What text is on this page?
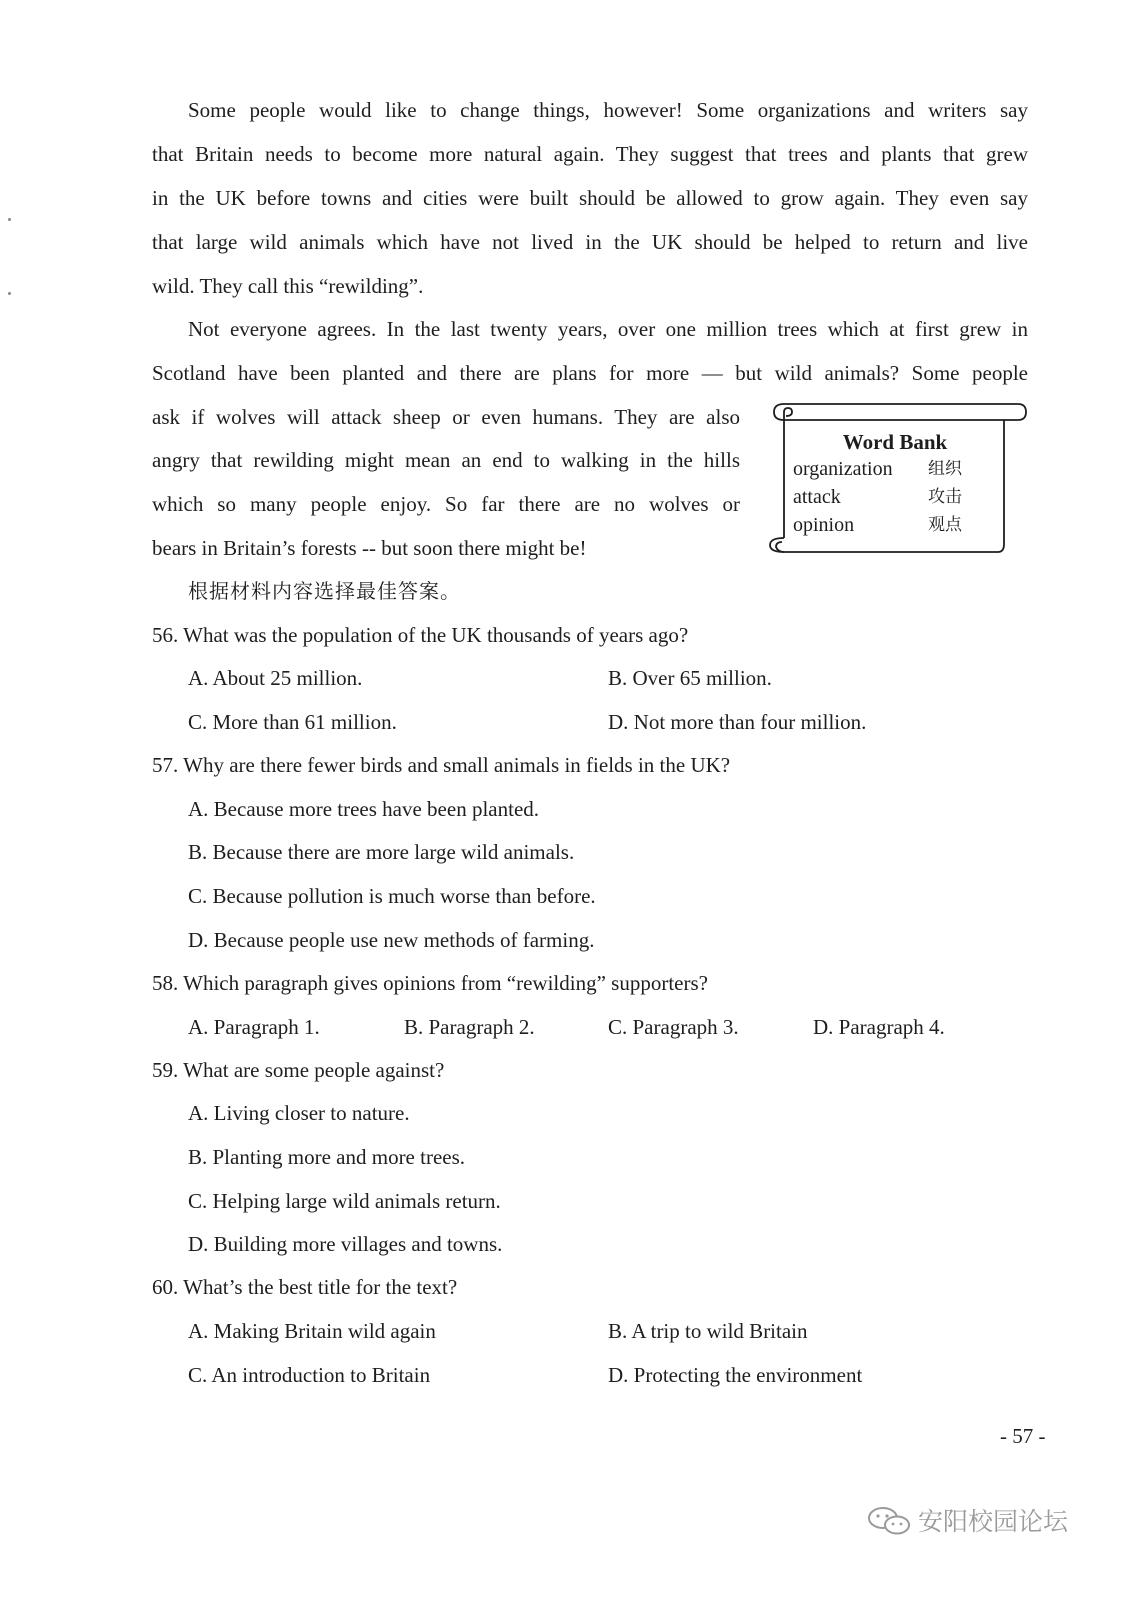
Some people would like to change things, however! Some organizations and writers say
that Britain needs to become more natural again. They suggest that trees and plants that grew
in the UK before towns and cities were built should be allowed to grow again. They even say
that large wild animals which have not lived in the UK should be helped to return and live
wild. They call this “rewilding”.
Not everyone agrees. In the last twenty years, over one million trees which at first grew in
Scotland have been planted and there are plans for more — but wild animals? Some people
ask if wolves will attack sheep or even humans. They are also
angry that rewilding might mean an end to walking in the hills
which so many people enjoy. So far there are no wolves or
bears in Britain’s forests -- but soon there might be!
Word Bank
organization 组织
attack	攻击
opinion	观点
根据材料内容选择最佳答案。
56. What was the population of the UK thousands of years ago?
A. About 25 million.	B. Over 65 million.
C. More than 61 million.	D. Not more than four million.
57. Why are there fewer birds and small animals in fields in the UK?
A. Because more trees have been planted.
B. Because there are more large wild animals.
C. Because pollution is much worse than before.
D. Because people use new methods of farming.
58. Which paragraph gives opinions from “rewilding” supporters?
A. Paragraph 1.	B. Paragraph 2.	C. Paragraph 3.	D. Paragraph 4.
59. What are some people against?
A. Living closer to nature.
B. Planting more and more trees.
C. Helping large wild animals return.
D. Building more villages and towns.
60. What’s the best title for the text?
A. Making Britain wild again	B. A trip to wild Britain
C. An introduction to Britain	D. Protecting the environment
- 57 -
安阳校园论坛
